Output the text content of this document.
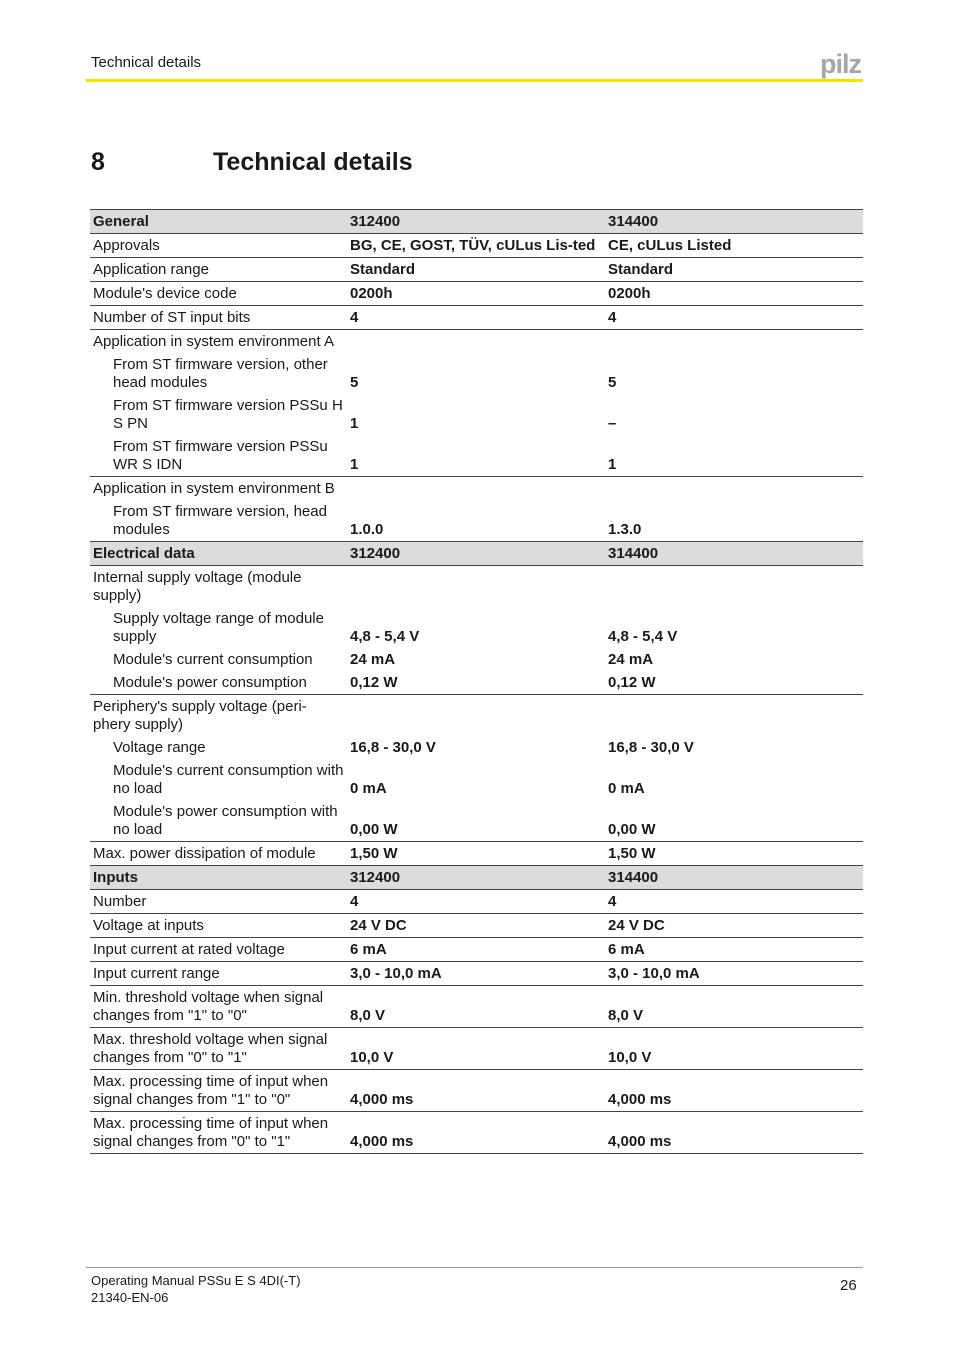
Technical details	pilz
8	Technical details
General	312400	314400
Approvals	BG, CE, GOST, TÜV, cULus Lis-ted	CE, cULus Listed
Application range	Standard	Standard
Module's device code	0200h	0200h
Number of ST input bits	4	4
Application in system environment A		
From ST firmware version, other head modules	5	5
From ST firmware version PSSu H S PN	1	–
From ST firmware version PSSu WR S IDN	1	1
Application in system environment B		
From ST firmware version, head modules	1.0.0	1.3.0
Electrical data	312400	314400
Internal supply voltage (module supply)		
Supply voltage range of module supply	4,8 - 5,4 V	4,8 - 5,4 V
Module's current consumption	24 mA	24 mA
Module's power consumption	0,12 W	0,12 W
Periphery's supply voltage (peri-phery supply)		
Voltage range	16,8 - 30,0 V	16,8 - 30,0 V
Module's current consumption with no load	0 mA	0 mA
Module's power consumption with no load	0,00 W	0,00 W
Max. power dissipation of module	1,50 W	1,50 W
Inputs	312400	314400
Number	4	4
Voltage at inputs	24 V DC	24 V DC
Input current at rated voltage	6 mA	6 mA
Input current range	3,0 - 10,0 mA	3,0 - 10,0 mA
Min. threshold voltage when signal changes from "1" to "0"	8,0 V	8,0 V
Max. threshold voltage when signal changes from "0" to "1"	10,0 V	10,0 V
Max. processing time of input when signal changes from "1" to "0"	4,000 ms	4,000 ms
Max. processing time of input when signal changes from "0" to "1"	4,000 ms	4,000 ms
Operating Manual PSSu E S 4DI(-T)
21340-EN-06
26
